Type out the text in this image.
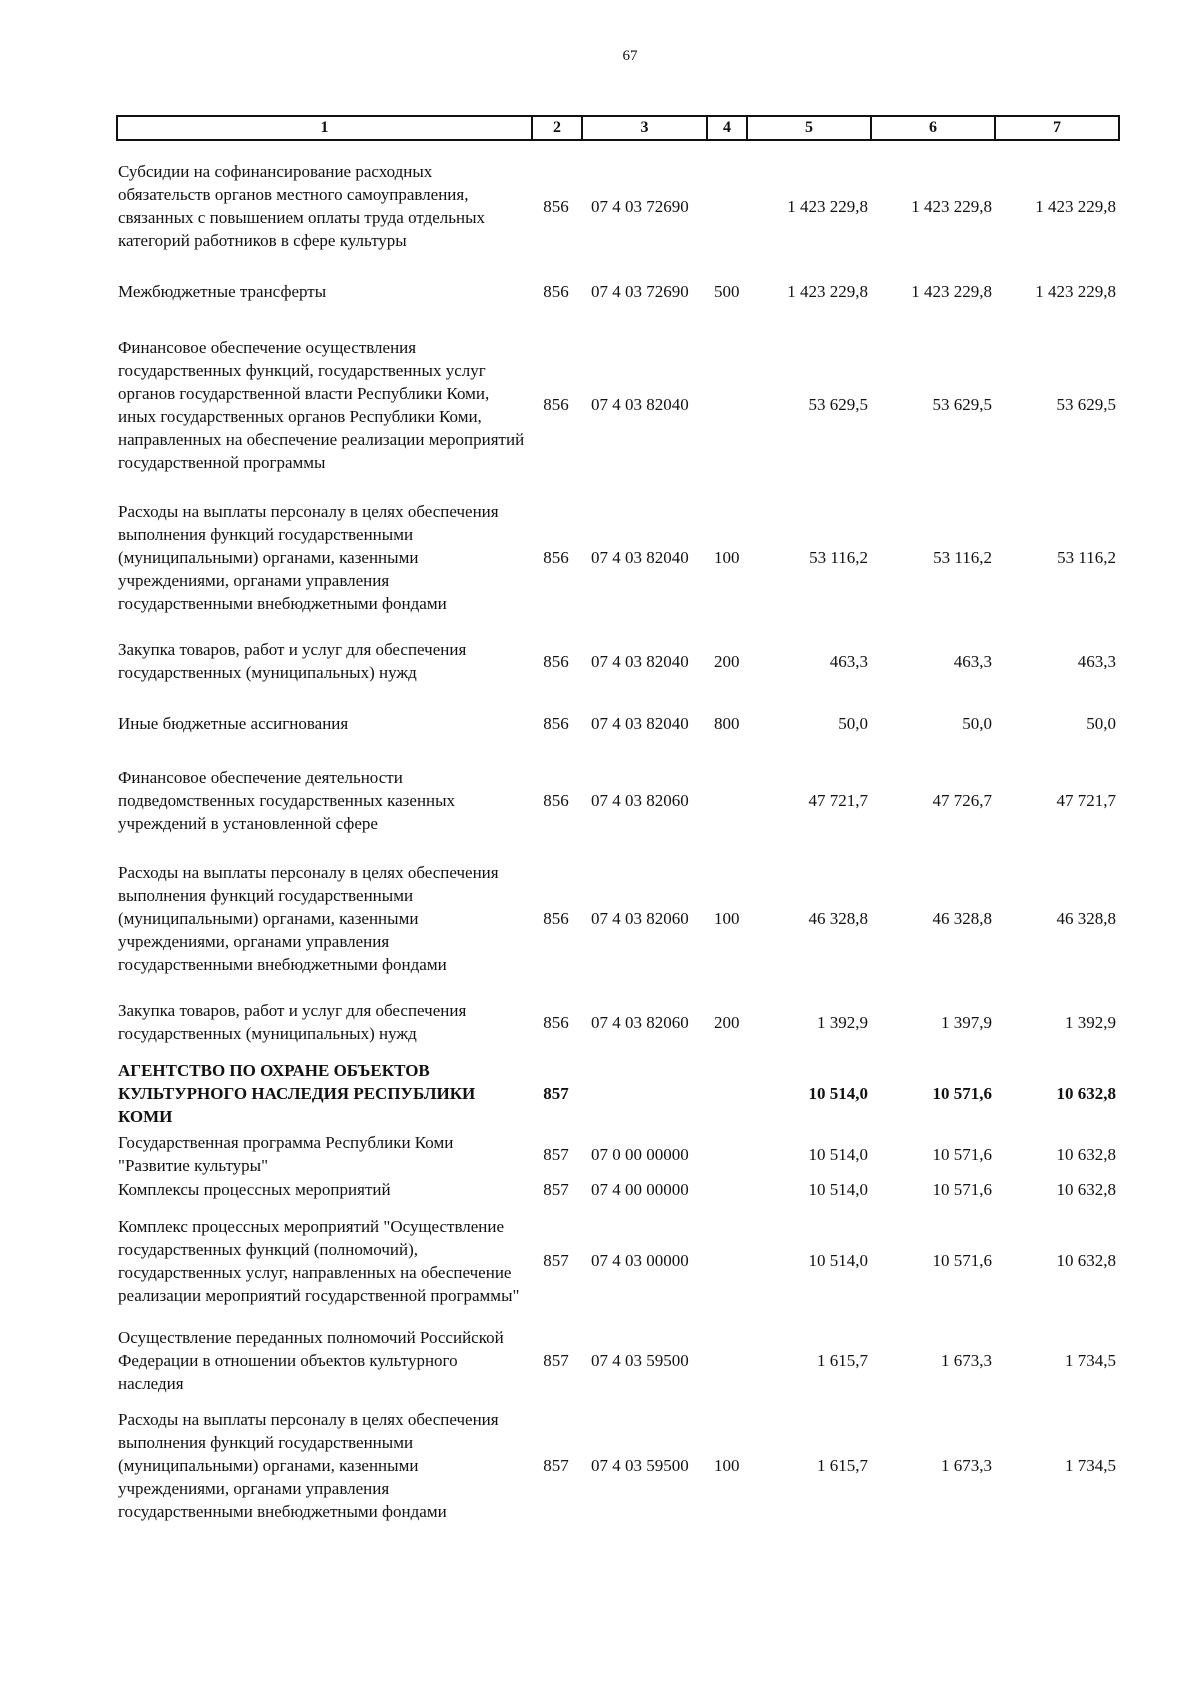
67
1	2	3	4	5	6	7
Субсидии на софинансирование расходных обязательств органов местного самоуправления, связанных с повышением оплаты труда отдельных категорий работников в сфере культуры	856	07 4 03 72690		1 423 229,8	1 423 229,8	1 423 229,8
Межбюджетные трансферты	856	07 4 03 72690	500	1 423 229,8	1 423 229,8	1 423 229,8
Финансовое обеспечение осуществления государственных функций, государственных услуг органов государственной власти Республики Коми, иных государственных органов Республики Коми, направленных на обеспечение реализации мероприятий государственной программы	856	07 4 03 82040		53 629,5	53 629,5	53 629,5
Расходы на выплаты персоналу в целях обеспечения выполнения функций государственными (муниципальными) органами, казенными учреждениями, органами управления государственными внебюджетными фондами	856	07 4 03 82040	100	53 116,2	53 116,2	53 116,2
Закупка товаров, работ и услуг для обеспечения государственных (муниципальных) нужд	856	07 4 03 82040	200	463,3	463,3	463,3
Иные бюджетные ассигнования	856	07 4 03 82040	800	50,0	50,0	50,0
Финансовое обеспечение деятельности подведомственных государственных казенных учреждений в установленной сфере	856	07 4 03 82060		47 721,7	47 726,7	47 721,7
Расходы на выплаты персоналу в целях обеспечения выполнения функций государственными (муниципальными) органами, казенными учреждениями, органами управления государственными внебюджетными фондами	856	07 4 03 82060	100	46 328,8	46 328,8	46 328,8
Закупка товаров, работ и услуг для обеспечения государственных (муниципальных) нужд	856	07 4 03 82060	200	1 392,9	1 397,9	1 392,9
АГЕНТСТВО ПО ОХРАНЕ ОБЪЕКТОВ КУЛЬТУРНОГО НАСЛЕДИЯ РЕСПУБЛИКИ КОМИ	857			10 514,0	10 571,6	10 632,8
Государственная программа Республики Коми "Развитие культуры"	857	07 0 00 00000		10 514,0	10 571,6	10 632,8
Комплексы процессных мероприятий	857	07 4 00 00000		10 514,0	10 571,6	10 632,8
Комплекс процессных мероприятий "Осуществление государственных функций (полномочий), государственных услуг, направленных на обеспечение реализации мероприятий государственной программы"	857	07 4 03 00000		10 514,0	10 571,6	10 632,8
Осуществление переданных полномочий Российской Федерации в отношении объектов культурного наследия	857	07 4 03 59500		1 615,7	1 673,3	1 734,5
Расходы на выплаты персоналу в целях обеспечения выполнения функций государственными (муниципальными) органами, казенными учреждениями, органами управления государственными внебюджетными фондами	857	07 4 03 59500	100	1 615,7	1 673,3	1 734,5
